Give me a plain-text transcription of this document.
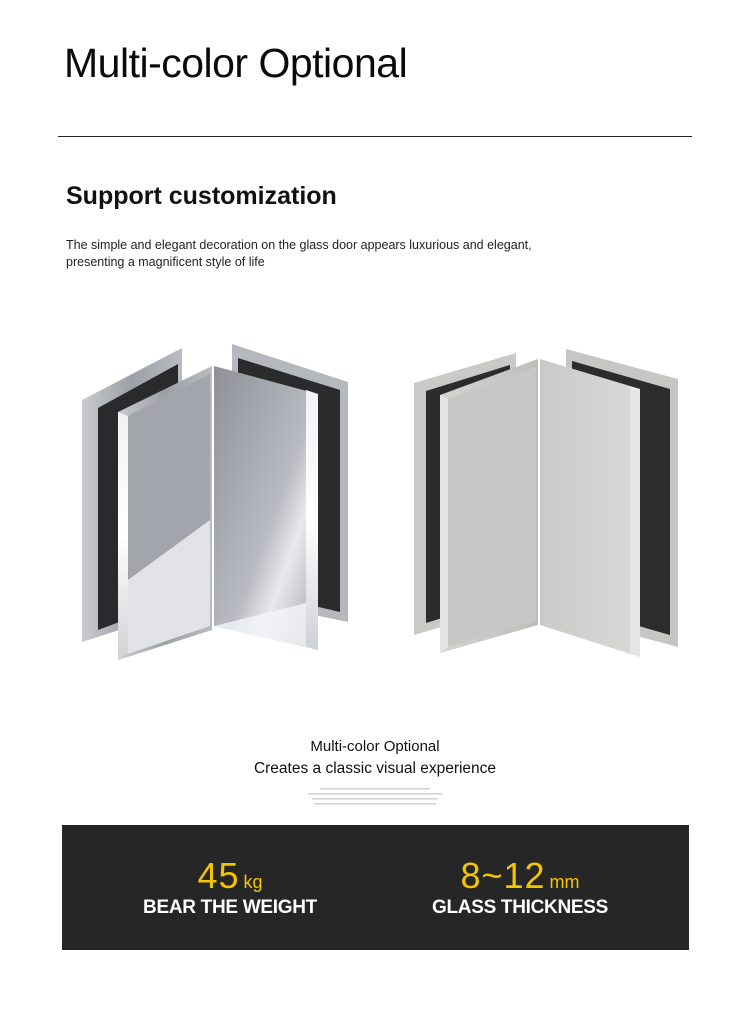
Multi-color Optional
Support customization

The simple and elegant decoration on the glass door appears luxurious and elegant,
presenting a magnificent style of life

Multi-color Optional

Creates a classic visual experience

45 kg
BEAR THE WEIGHT
8~12 mm
GLASS THICKNESS
